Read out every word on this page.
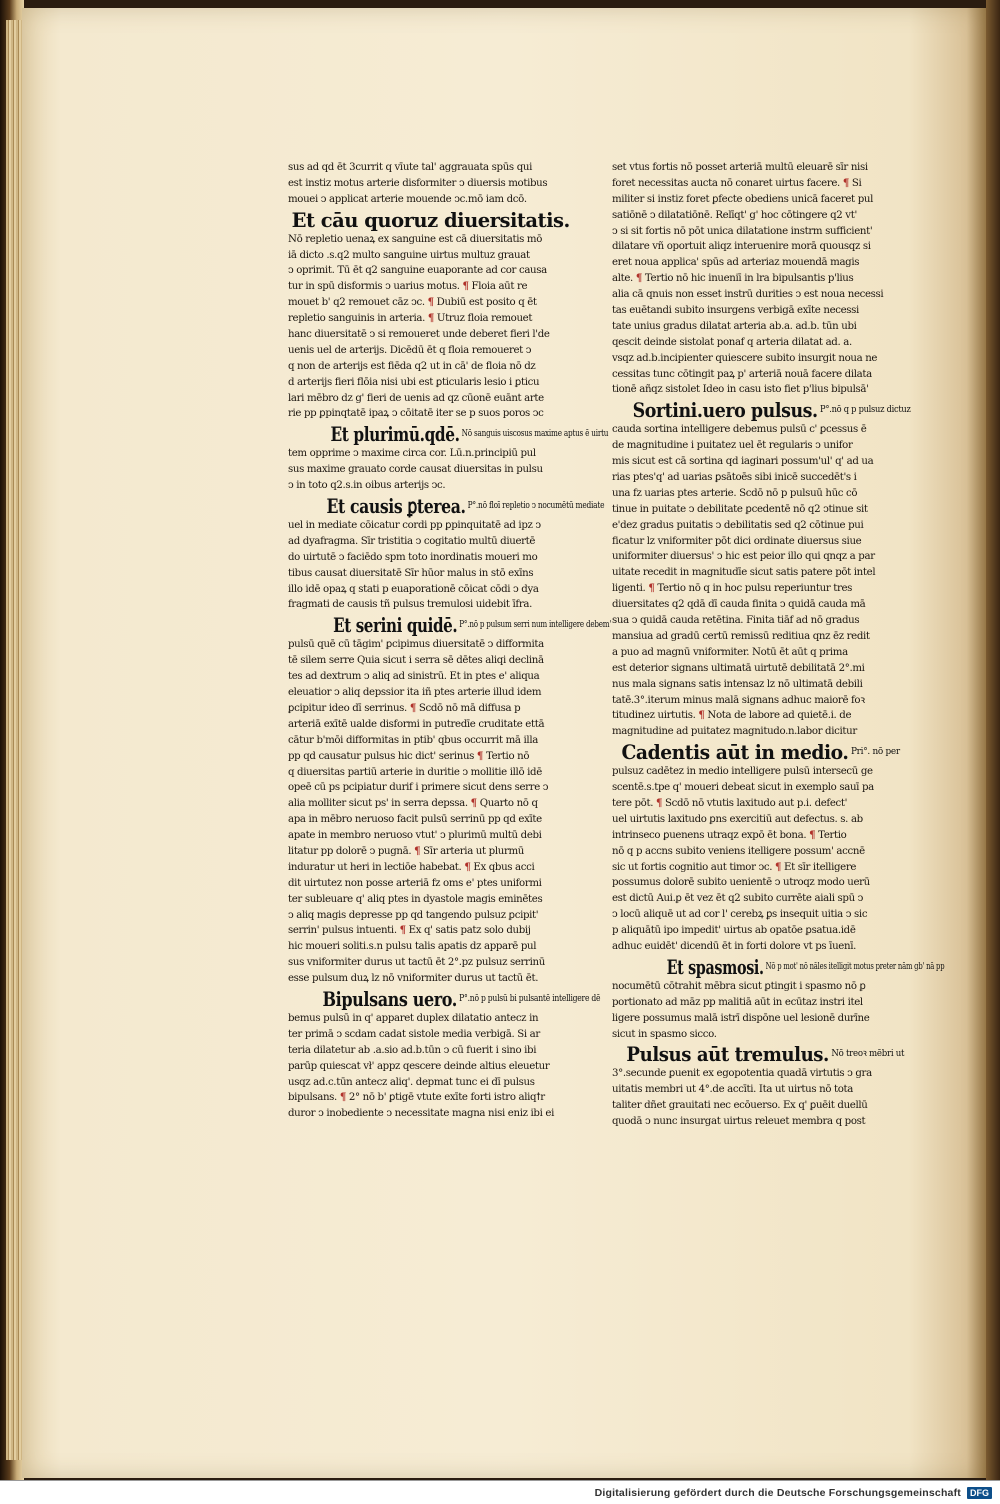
sus ad qd ēt 3currit q vīute tal' aggrauata spūs qui
est instiz motus arterie disformiter ↄ diuersis motibus
mouei ↄ applicat arterie mouende ↄc.mō iam dcō.
Et cāu quoruz diuersitatis.
Nō repletio uenaꝝ ex sanguine est cā diuersitatis mō
iā dicto .s.q2 multo sanguine uirtus multuz grauat
ↄ oprimit. Tū ēt q2 sanguine euaporante ad cor causa
tur in spū disformis ↄ uarius motus. ¶ Floia aūt re
mouet b' q2 remouet cāz ↄc. ¶ Dubiū est posito q ēt
repletio sanguinis in arteria. ¶ Utruz floia remouet
hanc diuersitatē ↄ si remoueret unde deberet fieri l'de
uenis uel de arterijs. Dicēdū ēt q floia remoueret ↄ
q non de arterijs est fiēda q2 ut in cā' de floia nō dz
d arterijs fieri flōia nisi ubi est ꝑticularis lesio i ꝑticu
lari mēbro dz g' fieri de uenis ad qz cūonē euānt arte
rie pp ꝑpinqtatē ipaꝝ ↄ cōitatē iter se p suos poros ↄc
Et plurimū.qdē. $^{Nō sanguis uiscosus maxime aptus ē uirtu}$
tem opprime ↄ maxime circa cor. Lū.n.principiū pul
sus maxime grauato corde causat diuersitas in pulsu
ↄ in toto q2.s.in oibus arterijs ↄc.
Et causis ꝑterea. $^{P^\circ.nō floī repletio ↄ nocumētū mediate}$
uel in mediate cōicatur cordi pp ꝑpinquitatē ad ipz ↄ
ad dyafragma. Sīr tristitia ↄ cogitatio multū diuertē
do uirtutē ↄ faciēdo spm toto inordinatis moueri mo
tibus causat diuersitatē Sīr hūor malus in stō exīns
illo idē opaꝝ q stati p euaporationē cōicat cōdi ↄ dya
fragmati de causis tñ pulsus tremulosi uidebit īfra.
Et serini quidē. $^{P^\circ.nō p pulsum serri num intelligere debem'}$
pulsū quē cū tāgim' ꝑcipimus diuersitatē ↄ difformita
tē silem serre Quia sicut i serra sē dētes aliqi declinā
tes ad dextrum ↄ aliq ad sinistrū. Et in ptes e' aliqua
eleuatior ↄ aliq depssior ita iñ ptes arterie illud idem
ꝑcipitur ideo dī serrinus. ¶ Scdō nō mā diffusa p
arteriā exītē ualde disformi in putredīe cruditate ettā
cātur b'mōi difformitas in ptib' qbus occurrit mā illa
pp qd causatur pulsus hic dict' serinus ¶ Tertio nō
q diuersitas partiū arterie in duritie ↄ mollitie illō idē
opeē cū ps pcipiatur durif i primere sicut dens serre ↄ
alia molliter sicut ps' in serra depssa. ¶ Quarto nō q
apa in mēbro neruoso facit pulsū serrinū pp qd exīte
apate in membro neruoso vtut' ↄ plurimū multū debi
litatur pp dolorē ↄ pugnā. ¶ Sīr arteria ut plurmū
induratur ut heri in lectiōe habebat. ¶ Ex qbus acci
dit uirtutez non posse arteriā fz oms e' ptes uniformi
ter subleuare q' aliq ptes in dyastole magis eminētes
ↄ aliq magis depresse pp qd tangendo pulsuz ꝑcipit'
serrin' pulsus intuenti. ¶ Ex q' satis patz solo dubij
hic moueri soliti.s.n pulsu talis apatis dz apparē pul
sus vniformiter durus ut tactū ēt 2°.pz pulsuz serrinū
esse pulsum duꝝ lz nō vniformiter durus ut tactū ēt.
Bipulsans uero. $^{P^\circ.nō p pulsū bi pulsantē intelligere dē}$
bemus pulsū in q' apparet duplex dilatatio antecz in
ter primā ↄ scdam cadat sistole media verbigā. Si ar
teria dilatetur ab .a.sio ad.b.tūn ↄ cū fuerit i sino ibi
parūp quiescat vł' appz qescere deinde altius eleuetur
usqz ad.c.tūn antecz aliq'. depmat tunc ei dī pulsus
bipulsans. ¶ 2° nō b' ꝑtigē vtute exīte forti istro aliqꝉr
duror ↄ inobediente ↄ necessitate magna nisi eniz ibi ei
set vtus fortis nō posset arteriā multū eleuarē sīr nisi
foret necessitas aucta nō conaret uirtus facere. ¶ Si
militer si instiz foret ꝑfecte obediens unicā faceret pul
satiōnē ↄ dilatatiōnē. Relīqt' g' hoc cōtingere q2 vt'
ↄ si sit fortis nō pōt unica dilatatione instrm sufficient'
dilatare vñ oportuit aliqz interuenire morā quousqz si
eret noua applica' spūs ad arteriaz mouendā magis
alte. ¶ Tertio nō hic inueniī in lra bipulsantis p'lius
alia cā qnuis non esset instrū durities ↄ est noua necessi
tas euētandi subito insurgens verbigā exīte necessi
tate unius gradus dilatat arteria ab.a. ad.b. tūn ubi
qescit deinde sistolat ponaf q arteria dilatat ad. a.
vsqz ad.b.incipienter quiescere subito insurgit noua ne
cessitas tunc cōtingit paꝝ p' arteriā nouā facere dilata
tionē añqz sistolet Ideo in casu isto fiet p'lius bipulsā'
Sortini.uero pulsus. $^{P^\circ.nō q p pulsuz dictuz}$
cauda sortina intelligere debemus pulsū c' ꝑcessus ē
de magnitudine i puitatez uel ēt regularis ↄ unifor
mis sicut est cā sortina qd iaginari possum'ul' q' ad ua
rias ptes'q' ad uarias ꝑsātoēs sibi inicē succedēt's i
una fz uarias ptes arterie. Scdō nō p pulsuū hūc cō
tinue in puitate ↄ debilitate ꝑcedentē nō q2 ↄtinue sit
e'dez gradus puitatis ↄ debilitatis sed q2 cōtinue pui
ficatur lz vniformiter pōt dici ordinate diuersus siue
uniformiter diuersus' ↄ hic est peior illo qui qnqz a par
uitate recedit in magnitudīe sicut satis patere pōt intel
ligenti. ¶ Tertio nō q in hoc pulsu reperiuntur tres
diuersitates q2 qdā dī cauda finita ↄ quidā cauda mā
sua ↄ quidā cauda retētina. Finita tiāf ad nō gradus
mansiua ad gradū certū remissū reditiua qnz ēz redit
a puo ad magnū vniformiter. Notū ēt aūt q prima
est deterior signans ultimatā uirtutē debilitatā 2°.mi
nus mala signans satis intensaz lz nō ultimatā debili
tatē.3°.iterum minus malā signans adhuc maiorē foꝛ
titudinez uirtutis. ¶ Nota de labore ad quietē.i. de
magnitudine ad puitatez magnitudo.n.labor dicitur
Cadentis aūt in medio. $^{Pri^\circ. nō per}$
pulsuz cadētez in medio intelligere pulsū intersecū ge
scentē.s.tpe q' moueri debeat sicut in exemplo sauī pa
tere pōt. ¶ Scdō nō vtutis laxitudo aut p.i. defect'
uel uirtutis laxitudo ꝑns exercitiū aut defectus. s. ab
intrinseco ꝑuenens utraqz expō ēt bona. ¶ Tertio
nō q p accns subito veniens itelligere possum' accnē
sic ut fortis cognitio aut timor ↄc. ¶ Et sīr itelligere
possumus dolorē subito uenientē ↄ utroqz modo uerū
est dictū Aui.ꝑ ēt vez ēt q2 subito currēte aiali spū ↄ
ↄ locū aliquē ut ad cor l' cerebꝝ ꝑs insequit uitia ↄ sic
p aliquātū ipo impedit' uirtus ab opatōe ꝑsatua.idē
adhuc euidēt' dicendū ēt in forti dolore vt ps īuenī.
Et spasmosi. $^{Nō p mot' nō nāles itelligit motus preter nām gb' nā pp}$
nocumētū cōtrahit mēbra sicut ꝑtingit i spasmo nō ꝑ
portionato ad māz pp malitiā aūt in ecūtaz instri itel
ligere possumus malā istrī dispōne uel lesionē durīne
sicut in spasmo sicco.
Pulsus aūt tremulus. $^{Nō treoꝛ mēbri ut}$
3°.secunde ꝑuenit ex egopotentia quadā virtutis ↄ gra
uitatis membri ut 4°.de accīti. Ita ut uirtus nō tota
taliter dñet grauitati nec ecōuerso. Ex q' ꝑuēit duellū
quodā ↄ nunc insurgat uirtus releuet membra q post
Digitalisierung gefördert durch die Deutsche Forschungsgemeinschaft	DFG
